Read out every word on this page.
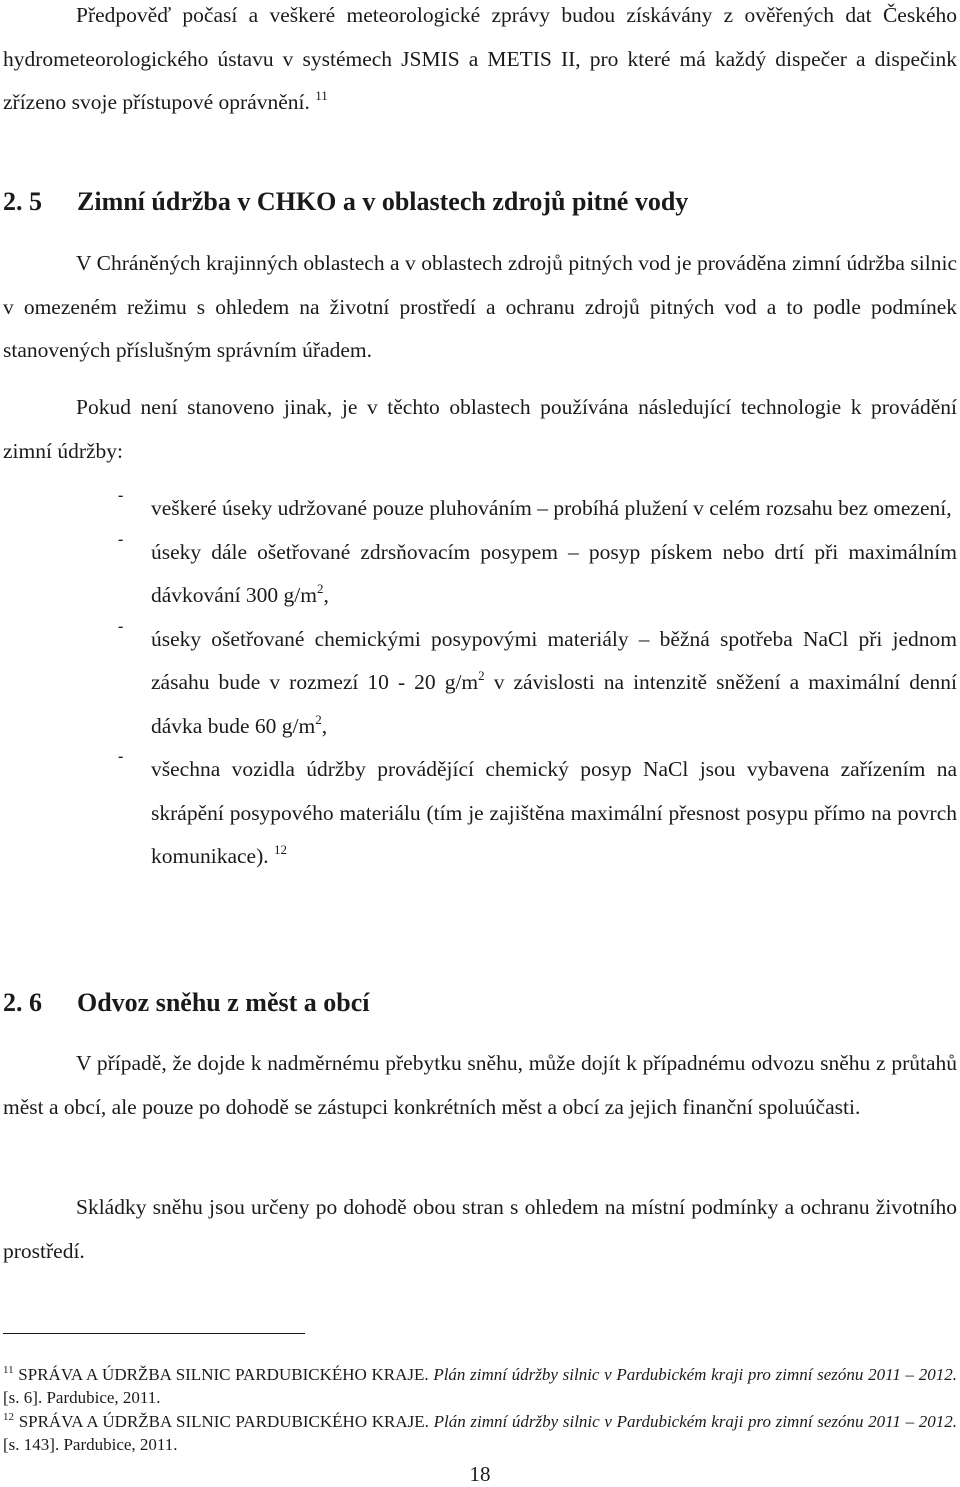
Předpověď počasí a veškeré meteorologické zprávy budou získávány z ověřených dat Českého hydrometeorologického ústavu v systémech JSMIS a METIS II, pro které má každý dispečer a dispečink zřízeno svoje přístupové oprávnění. $^{11}$

2. 5 Zimní údržba v CHKO a v oblastech zdrojů pitné vody

V Chráněných krajinných oblastech a v oblastech zdrojů pitných vod je prováděna zimní údržba silnic v omezeném režimu s ohledem na životní prostředí a ochranu zdrojů pitných vod a to podle podmínek stanovených příslušným správním úřadem.

Pokud není stanoveno jinak, je v těchto oblastech používána následující technologie k provádění zimní údržby:

-
veškeré úseky udržované pouze pluhováním – probíhá plužení v celém rozsahu bez omezení,
-
úseky dále ošetřované zdrsňovacím posypem – posyp pískem nebo drtí při maximálním dávkování 300 $g/m^2$,
-
úseky ošetřované chemickými posypovými materiály – běžná spotřeba NaCl při jednom zásahu bude v rozmezí 10 - 20 $g/m^2$ v závislosti na intenzitě sněžení a maximální denní dávka bude 60 $g/m^2$,
-
všechna vozidla údržby provádějící chemický posyp NaCl jsou vybavena zařízením na skrápění posypového materiálu (tím je zajištěna maximální přesnost posypu přímo na povrch komunikace). $^{12}$
2. 6 Odvoz sněhu z měst a obcí

V případě, že dojde k nadměrnému přebytku sněhu, může dojít k případnému odvozu sněhu z průtahů měst a obcí, ale pouze po dohodě se zástupci konkrétních měst a obcí za jejich finanční spoluúčasti.

Skládky sněhu jsou určeny po dohodě obou stran s ohledem na místní podmínky a ochranu životního prostředí.

$^{11}$ SPRÁVA A ÚDRŽBA SILNIC PARDUBICKÉHO KRAJE. Plán zimní údržby silnic v Pardubickém kraji pro zimní sezónu 2011 – 2012.[s. 6]. Pardubice, 2011.

$^{12}$ SPRÁVA A ÚDRŽBA SILNIC PARDUBICKÉHO KRAJE. Plán zimní údržby silnic v Pardubickém kraji pro zimní sezónu 2011 – 2012.[s. 143]. Pardubice, 2011.

18
